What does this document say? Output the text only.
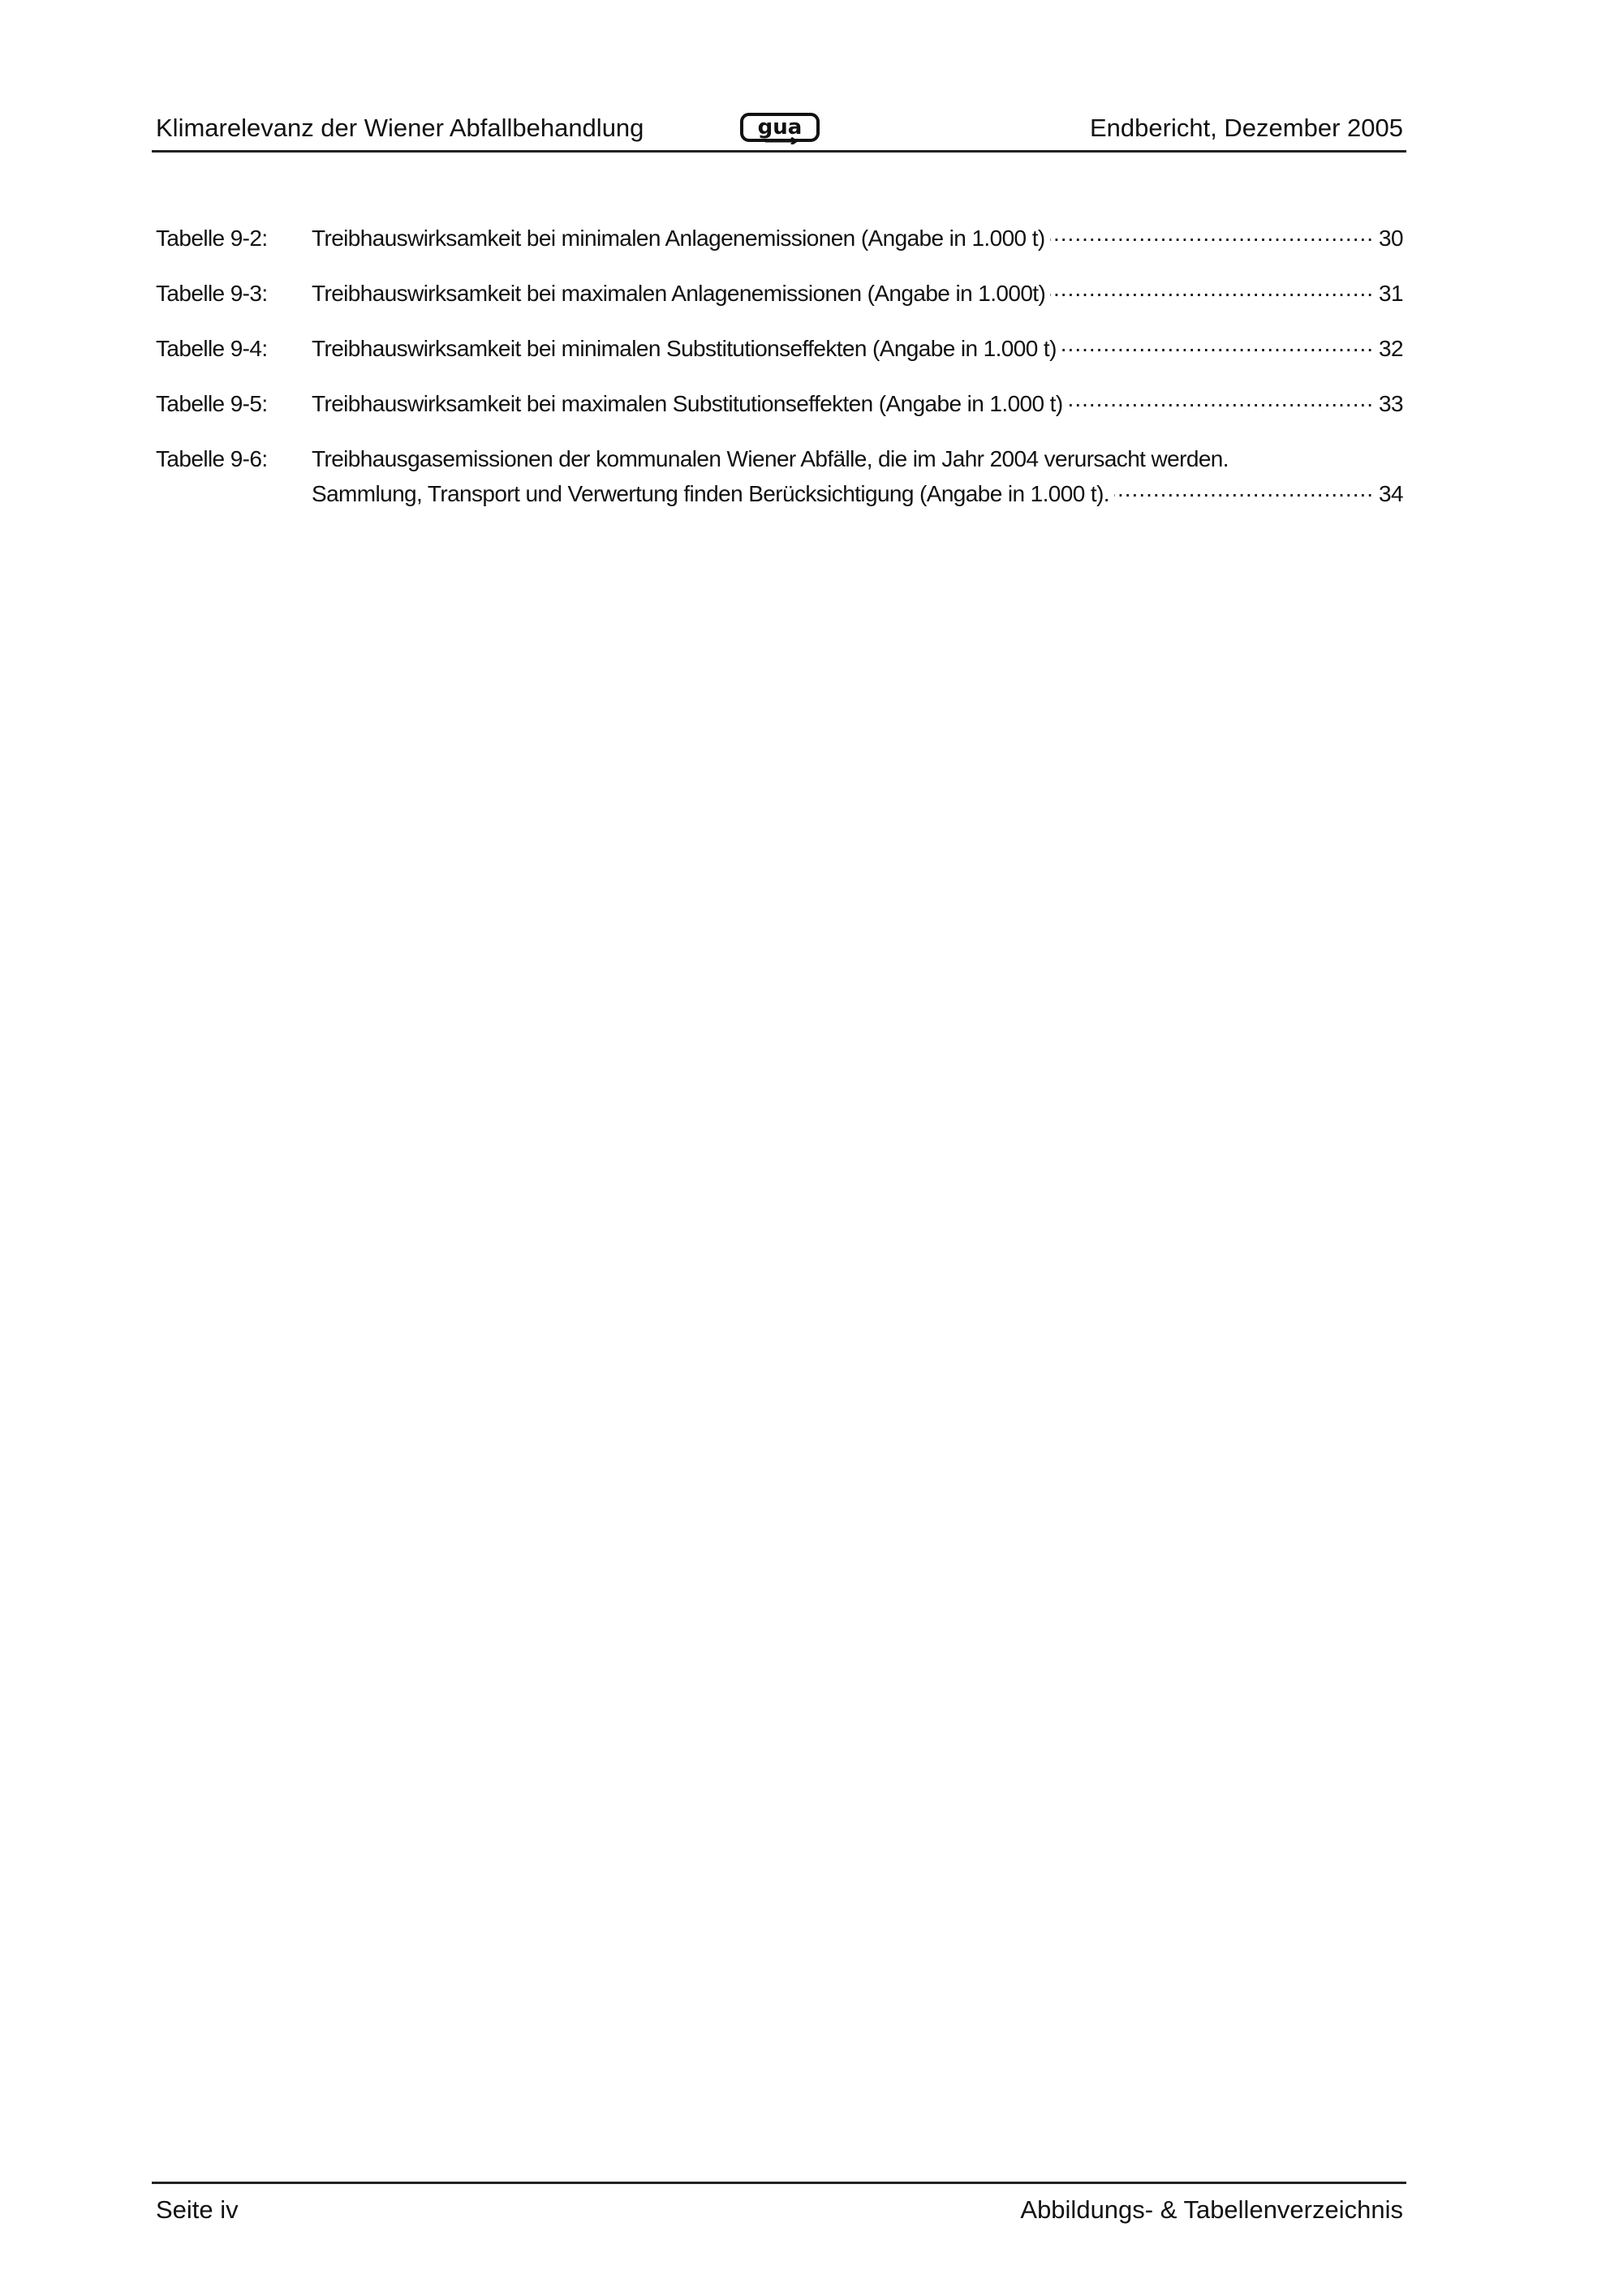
Klimarelevanz der Wiener Abfallbehandlung	gua	Endbericht, Dezember 2005
Tabelle 9-2:	Treibhauswirksamkeit bei minimalen Anlagenemissionen (Angabe in 1.000 t) .....	30
Tabelle 9-3:	Treibhauswirksamkeit bei maximalen Anlagenemissionen (Angabe in 1.000t) .....	31
Tabelle 9-4:	Treibhauswirksamkeit bei minimalen Substitutionseffekten (Angabe in 1.000 t) .....	32
Tabelle 9-5:	Treibhauswirksamkeit bei maximalen Substitutionseffekten (Angabe in 1.000 t) .....	33
Tabelle 9-6:	Treibhausgasemissionen der kommunalen Wiener Abfälle, die im Jahr 2004 verursacht werden.
Sammlung, Transport und Verwertung finden Berücksichtigung (Angabe in 1.000 t). .....	34
Seite iv	Abbildungs- & Tabellenverzeichnis
